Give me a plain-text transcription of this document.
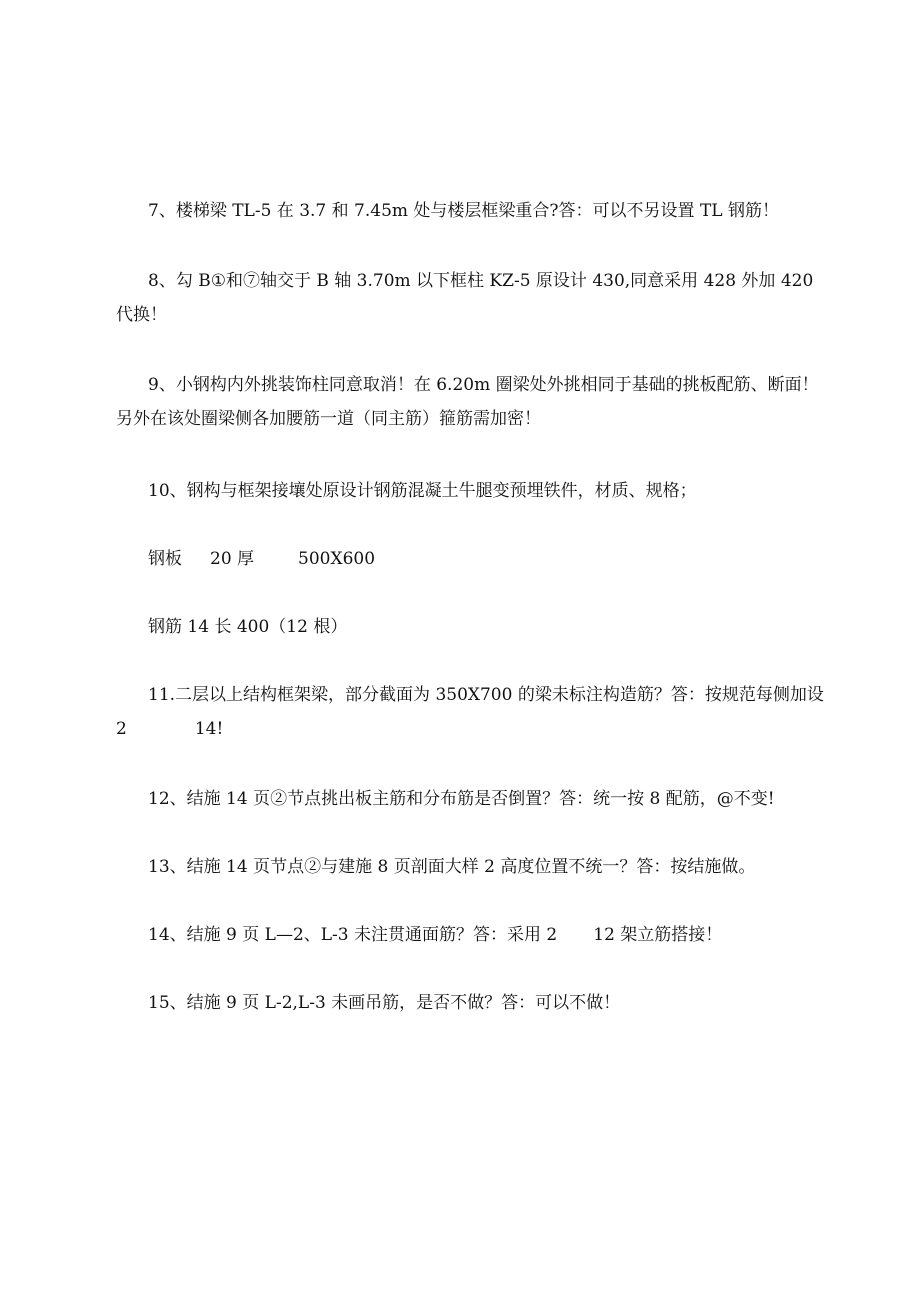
7、楼梯梁 TL-5 在 3.7 和 7.45m 处与楼层框梁重合?答：可以不另设置 TL 钢筋！

8、勾 B①和⑦轴交于 B 轴 3.70m 以下框柱 KZ-5 原设计 430,同意采用 428 外加 420 代换！

9、小钢构内外挑装饰柱同意取消！在 6.20m 圈梁处外挑相同于基础的挑板配筋、断面！另外在该处圈梁侧各加腰筋一道（同主筋）箍筋需加密！

10、钢构与框架接壤处原设计钢筋混凝土牛腿变预埋铁件，材质、规格；

钢板 20 厚	500X600

钢筋 14 长 400（12 根）

11.二层以上结构框架梁，部分截面为 350X700 的梁未标注构造筋？答：按规范每侧加设 2	14!

12、结施 14 页②节点挑出板主筋和分布筋是否倒置？答：统一按 8 配筋，@不变!

13、结施 14 页节点②与建施 8 页剖面大样 2 高度位置不统一？答：按结施做。

14、结施 9 页 L—2、L-3 未注贯通面筋？答：采用 2 12 架立筋搭接！

15、结施 9 页 L-2,L-3 未画吊筋，是否不做？答：可以不做！
